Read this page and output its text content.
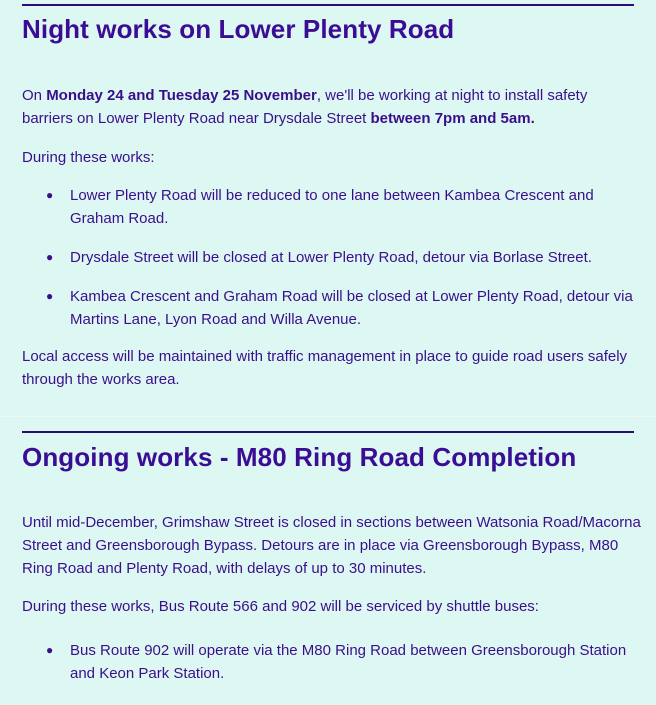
Night works on Lower Plenty Road

On Monday 24 and Tuesday 25 November, we'll be working at night to install safety barriers on Lower Plenty Road near Drysdale Street between 7pm and 5am.

During these works:

● Lower Plenty Road will be reduced to one lane between Kambea Crescent and Graham Road.
● Drysdale Street will be closed at Lower Plenty Road, detour via Borlase Street.
● Kambea Crescent and Graham Road will be closed at Lower Plenty Road, detour via Martins Lane, Lyon Road and Willa Avenue.

Local access will be maintained with traffic management in place to guide road users safely through the works area.

Ongoing works - M80 Ring Road Completion

Until mid-December, Grimshaw Street is closed in sections between Watsonia Road/Macorna Street and Greensborough Bypass. Detours are in place via Greensborough Bypass, M80 Ring Road and Plenty Road, with delays of up to 30 minutes.

During these works, Bus Route 566 and 902 will be serviced by shuttle buses:

● Bus Route 902 will operate via the M80 Ring Road between Greensborough Station and Keon Park Station.
